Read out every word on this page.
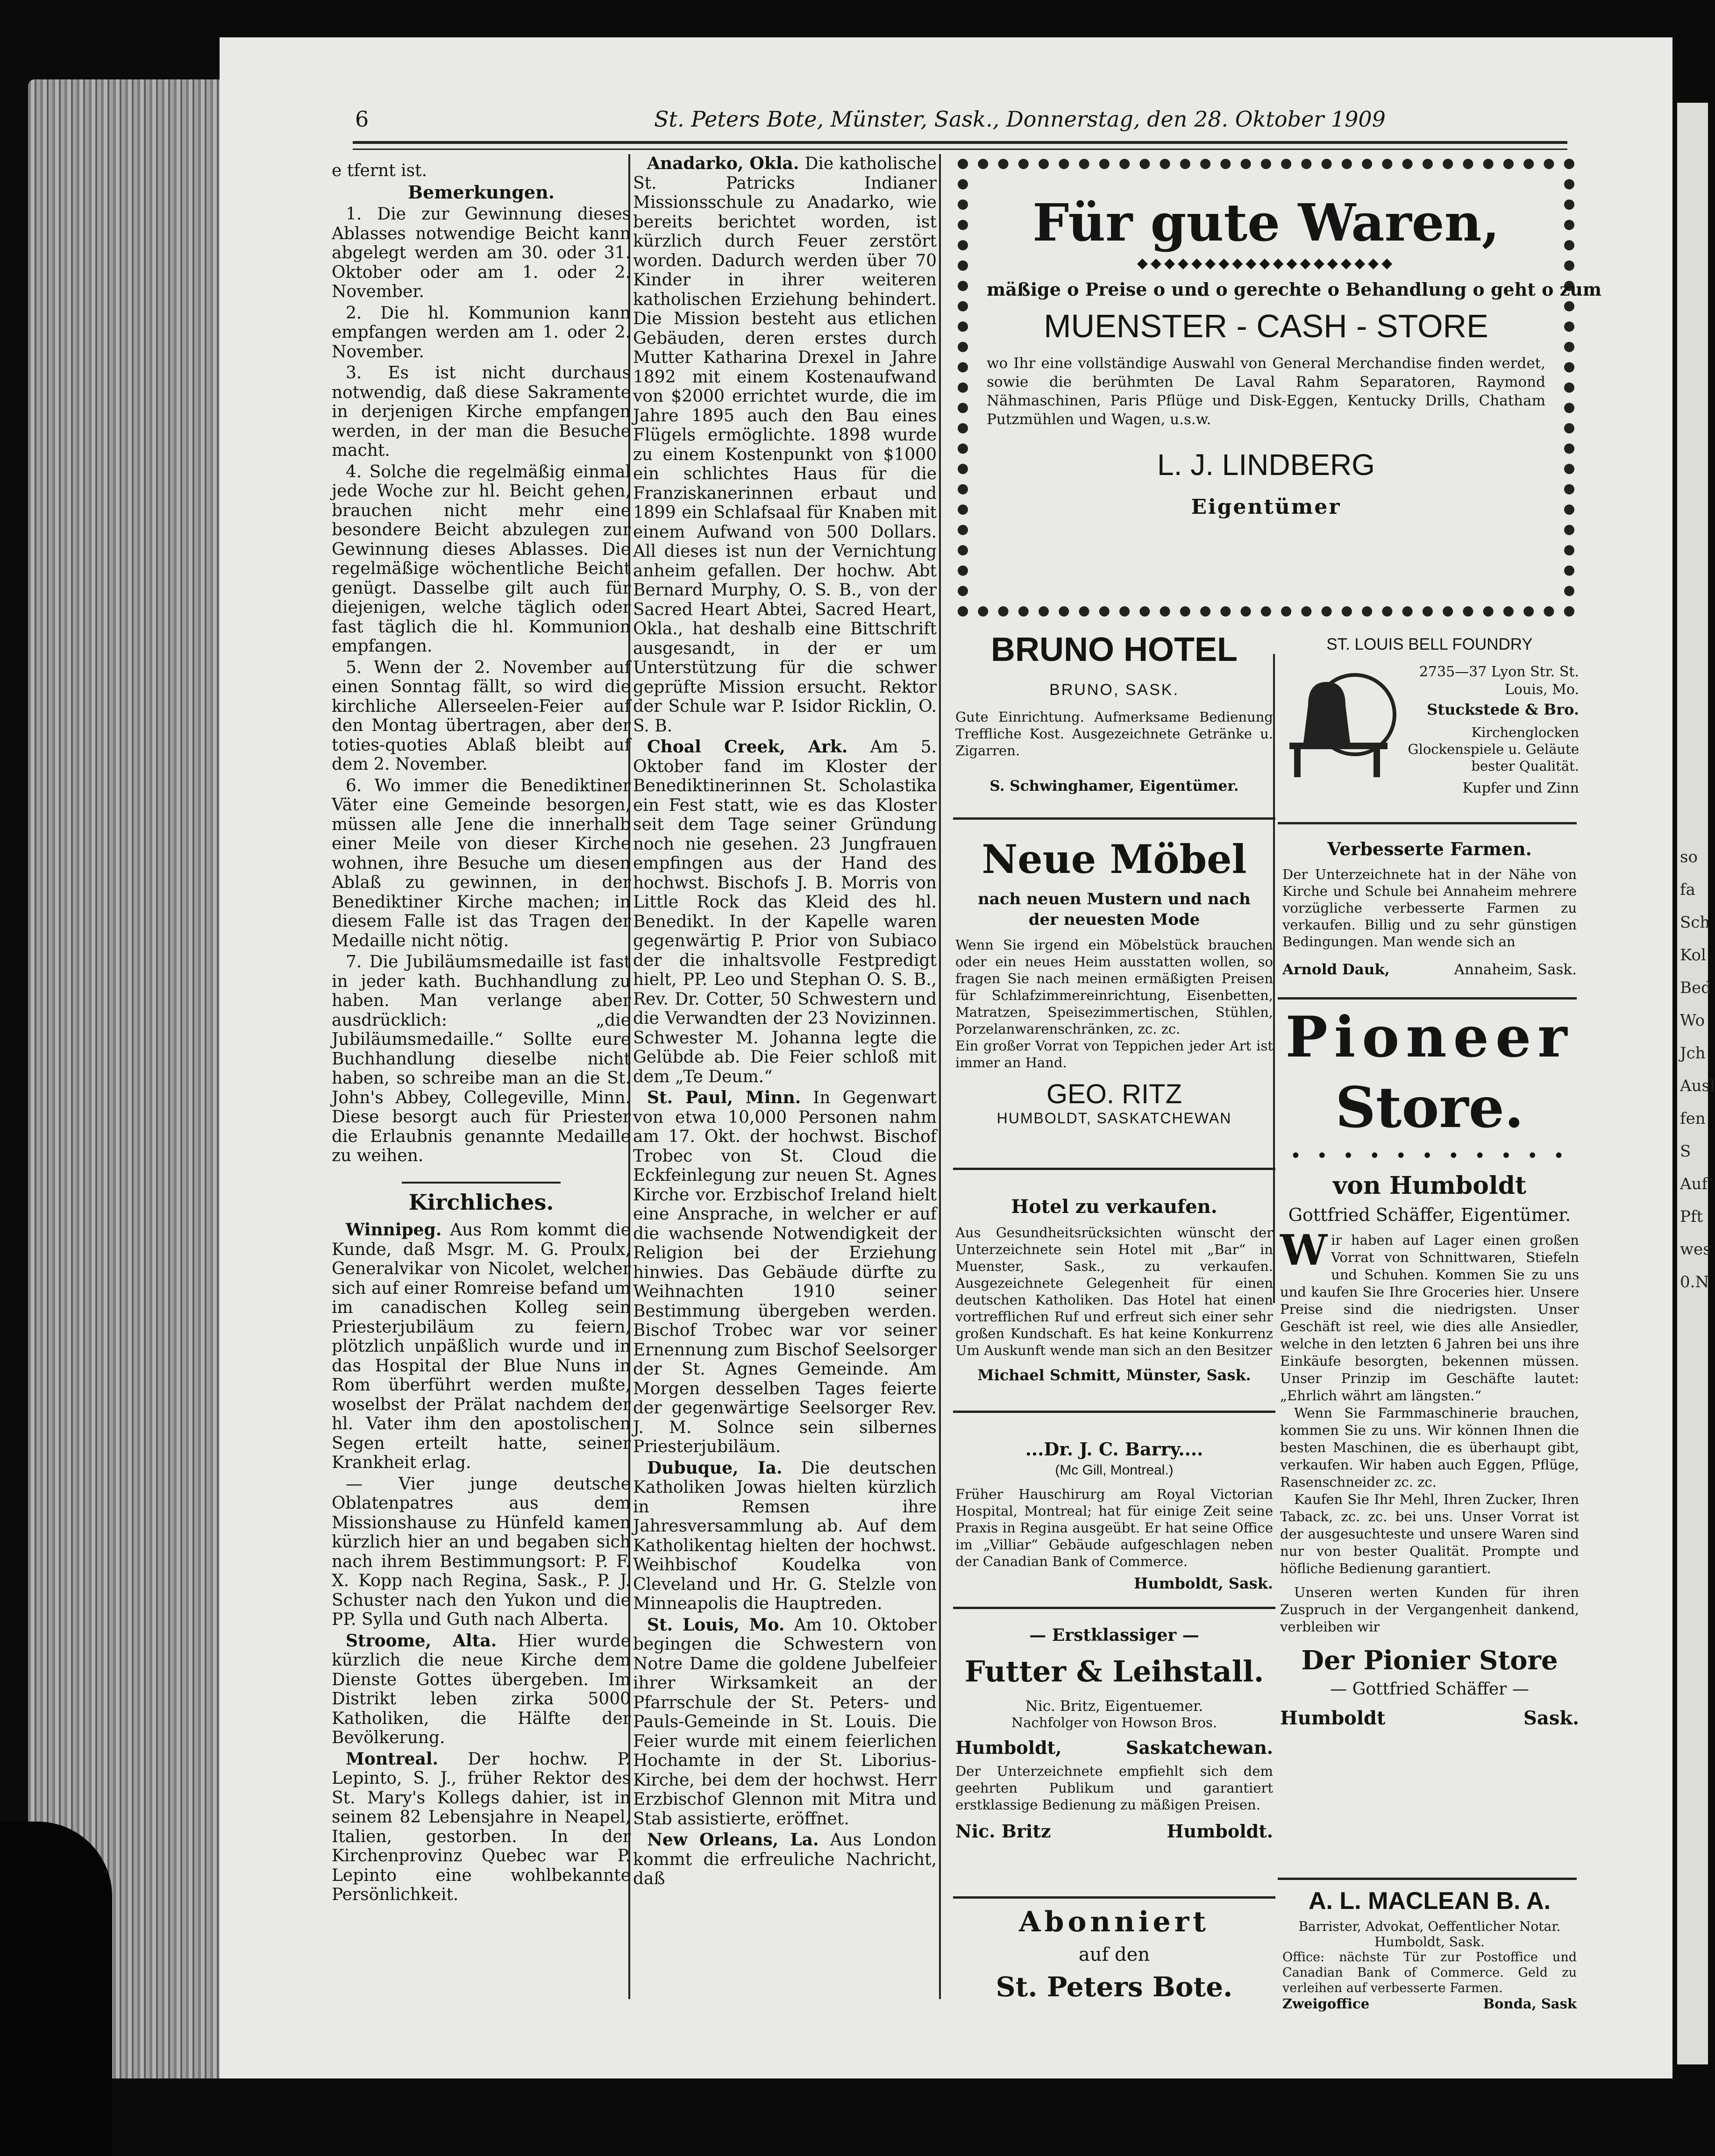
so
fa
Sch
Kol
Bed
Wo
Jch
Ausl
fen
S
Auf
Pft
wes
0.N
6	St. Peters Bote, Münster, Sask., Donnerstag, den 28. Oktober 1909
e tfernt ist.
Bemerkungen.

1. Die zur Gewinnung dieses Ablasses notwendige Beicht kann abgelegt werden am 30. oder 31. Oktober oder am 1. oder 2. November.

2. Die hl. Kommunion kann empfangen werden am 1. oder 2. November.

3. Es ist nicht durchaus notwendig, daß diese Sakramente in derjenigen Kirche empfangen werden, in der man die Besuche macht.

4. Solche die regelmäßig einmal jede Woche zur hl. Beicht gehen, brauchen nicht mehr eine besondere Beicht abzulegen zur Gewinnung dieses Ablasses. Die regelmäßige wöchentliche Beicht genügt. Dasselbe gilt auch für diejenigen, welche täglich oder fast täglich die hl. Kommunion empfangen.

5. Wenn der 2. November auf einen Sonntag fällt, so wird die kirchliche Allerseelen-Feier auf den Montag übertragen, aber der toties-quoties Ablaß bleibt auf dem 2. November.

6. Wo immer die Benediktiner Väter eine Gemeinde besorgen, müssen alle Jene die innerhalb einer Meile von dieser Kirche wohnen, ihre Besuche um diesen Ablaß zu gewinnen, in der Benediktiner Kirche machen; in diesem Falle ist das Tragen der Medaille nicht nötig.

7. Die Jubiläumsmedaille ist fast in jeder kath. Buchhandlung zu haben. Man verlange aber ausdrücklich: „die Jubiläumsmedaille.“ Sollte eure Buchhandlung dieselbe nicht haben, so schreibe man an die St. John's Abbey, Collegeville, Minn. Diese besorgt auch für Priester die Erlaubnis genannte Medaille zu weihen.

Kirchliches.

Winnipeg. Aus Rom kommt die Kunde, daß Msgr. M. G. Proulx, Generalvikar von Nicolet, welcher sich auf einer Romreise befand um im canadischen Kolleg sein Priesterjubiläum zu feiern, plötzlich unpäßlich wurde und in das Hospital der Blue Nuns in Rom überführt werden mußte, woselbst der Prälat nachdem der hl. Vater ihm den apostolischen Segen erteilt hatte, seiner Krankheit erlag.

— Vier junge deutsche Oblatenpatres aus dem Missionshause zu Hünfeld kamen kürzlich hier an und begaben sich nach ihrem Bestimmungsort: P. F. X. Kopp nach Regina, Sask., P. J. Schuster nach den Yukon und die PP. Sylla und Guth nach Alberta.

Stroome, Alta. Hier wurde kürzlich die neue Kirche dem Dienste Gottes übergeben. Im Distrikt leben zirka 5000 Katholiken, die Hälfte der Bevölkerung.

Montreal. Der hochw. P. Lepinto, S. J., früher Rektor des St. Mary's Kollegs dahier, ist in seinem 82 Lebensjahre in Neapel, Italien, gestorben. In der Kirchenprovinz Quebec war P. Lepinto eine wohlbekannte Persönlichkeit.

Anadarko, Okla. Die katholische St. Patricks Indianer Missionsschule zu Anadarko, wie bereits berichtet worden, ist kürzlich durch Feuer zerstört worden. Dadurch werden über 70 Kinder in ihrer weiteren katholischen Erziehung behindert. Die Mission besteht aus etlichen Gebäuden, deren erstes durch Mutter Katharina Drexel in Jahre 1892 mit einem Kostenaufwand von $2000 errichtet wurde, die im Jahre 1895 auch den Bau eines Flügels ermöglichte. 1898 wurde zu einem Kostenpunkt von $1000 ein schlichtes Haus für die Franziskanerinnen erbaut und 1899 ein Schlafsaal für Knaben mit einem Aufwand von 500 Dollars. All dieses ist nun der Vernichtung anheim gefallen. Der hochw. Abt Bernard Murphy, O. S. B., von der Sacred Heart Abtei, Sacred Heart, Okla., hat deshalb eine Bittschrift ausgesandt, in der er um Unterstützung für die schwer geprüfte Mission ersucht. Rektor der Schule war P. Isidor Ricklin, O. S. B.

Choal Creek, Ark. Am 5. Oktober fand im Kloster der Benediktinerinnen St. Scholastika ein Fest statt, wie es das Kloster seit dem Tage seiner Gründung noch nie gesehen. 23 Jungfrauen empfingen aus der Hand des hochwst. Bischofs J. B. Morris von Little Rock das Kleid des hl. Benedikt. In der Kapelle waren gegenwärtig P. Prior von Subiaco der die inhaltsvolle Festpredigt hielt, PP. Leo und Stephan O. S. B., Rev. Dr. Cotter, 50 Schwestern und die Verwandten der 23 Novizinnen. Schwester M. Johanna legte die Gelübde ab. Die Feier schloß mit dem „Te Deum.“

St. Paul, Minn. In Gegenwart von etwa 10,000 Personen nahm am 17. Okt. der hochwst. Bischof Trobec von St. Cloud die Eckfeinlegung zur neuen St. Agnes Kirche vor. Erzbischof Ireland hielt eine Ansprache, in welcher er auf die wachsende Notwendigkeit der Religion bei der Erziehung hinwies. Das Gebäude dürfte zu Weihnachten 1910 seiner Bestimmung übergeben werden. Bischof Trobec war vor seiner Ernennung zum Bischof Seelsorger der St. Agnes Gemeinde. Am Morgen desselben Tages feierte der gegenwärtige Seelsorger Rev. J. M. Solnce sein silbernes Priesterjubiläum.

Dubuque, Ia. Die deutschen Katholiken Jowas hielten kürzlich in Remsen ihre Jahresversammlung ab. Auf dem Katholikentag hielten der hochwst. Weihbischof Koudelka von Cleveland und Hr. G. Stelzle von Minneapolis die Hauptreden.

St. Louis, Mo. Am 10. Oktober begingen die Schwestern von Notre Dame die goldene Jubelfeier ihrer Wirksamkeit an der Pfarrschule der St. Peters- und Pauls-Gemeinde in St. Louis. Die Feier wurde mit einem feierlichen Hochamte in der St. Liborius-Kirche, bei dem der hochwst. Herr Erzbischof Glennon mit Mitra und Stab assistierte, eröffnet.

New Orleans, La. Aus London kommt die erfreuliche Nachricht, daß

Für gute Waren,
◆◆◆◆◆◆◆◆◆◆◆◆◆◆◆◆◆◆◆
mäßige o Preise o und o gerechte o Behandlung o geht o zum
MUENSTER - CASH - STORE

wo Ihr eine vollständige Auswahl von General Merchandise finden werdet, sowie die berühmten De Laval Rahm Separatoren, Raymond Nähmaschinen, Paris Pflüge und Disk-Eggen, Kentucky Drills, Chatham Putzmühlen und Wagen, u.s.w.

L. J. LINDBERG
Eigentümer
BRUNO HOTEL
BRUNO, SASK.

Gute Einrichtung. Aufmerksame Bedienung Treffliche Kost. Ausgezeichnete Getränke u. Zigarren.

S. Schwinghamer, Eigentümer.
ST. LOUIS BELL FOUNDRY
2735—37 Lyon Str. St. Louis, Mo.
Stuckstede & Bro.
Kirchenglocken Glockenspiele u. Geläute bester Qualität.
Kupfer und Zinn
Neue Möbel
nach neuen Mustern und nach
der neuesten Mode

Wenn Sie irgend ein Möbelstück brauchen oder ein neues Heim ausstatten wollen, so fragen Sie nach meinen ermäßigten Preisen für Schlafzimmereinrichtung, Eisenbetten, Matratzen, Speisezimmertischen, Stühlen, Porzelanwarenschränken, zc. zc.

Ein großer Vorrat von Teppichen jeder Art ist immer an Hand.

GEO. RITZ
HUMBOLDT, SASKATCHEWAN
Verbesserte Farmen.

Der Unterzeichnete hat in der Nähe von Kirche und Schule bei Annaheim mehrere vorzügliche verbesserte Farmen zu verkaufen. Billig und zu sehr günstigen Bedingungen. Man wende sich an

Arnold Dauk,	Annaheim, Sask.
Pioneer
Store.
• • • • • • • • • • •
von Humboldt
Gottfried Schäffer, Eigentümer.

Wir haben auf Lager einen großen Vorrat von Schnittwaren, Stiefeln und Schuhen. Kommen Sie zu uns und kaufen Sie Ihre Groceries hier. Unsere Preise sind die niedrigsten. Unser Geschäft ist reel, wie dies alle Ansiedler, welche in den letzten 6 Jahren bei uns ihre Einkäufe besorgten, bekennen müssen. Unser Prinzip im Geschäfte lautet: „Ehrlich währt am längsten.“

Wenn Sie Farmmaschinerie brauchen, kommen Sie zu uns. Wir können Ihnen die besten Maschinen, die es überhaupt gibt, verkaufen. Wir haben auch Eggen, Pflüge, Rasenschneider zc. zc.

Kaufen Sie Ihr Mehl, Ihren Zucker, Ihren Taback, zc. zc. bei uns. Unser Vorrat ist der ausgesuchteste und unsere Waren sind nur von bester Qualität. Prompte und höfliche Bedienung garantiert.

Unseren werten Kunden für ihren Zuspruch in der Vergangenheit dankend, verbleiben wir

Der Pionier Store
— Gottfried Schäffer —
Humboldt	Sask.
Hotel zu verkaufen.

Aus Gesundheitsrücksichten wünscht der Unterzeichnete sein Hotel mit „Bar“ in Muenster, Sask., zu verkaufen. Ausgezeichnete Gelegenheit für einen deutschen Katholiken. Das Hotel hat einen vortrefflichen Ruf und erfreut sich einer sehr großen Kundschaft. Es hat keine Konkurrenz Um Auskunft wende man sich an den Besitzer

Michael Schmitt, Münster, Sask.
...Dr. J. C. Barry....
(Mc Gill, Montreal.)

Früher Hauschirurg am Royal Victorian Hospital, Montreal; hat für einige Zeit seine Praxis in Regina ausgeübt. Er hat seine Office im „Villiar“ Gebäude aufgeschlagen neben der Canadian Bank of Commerce.

Humboldt, Sask.
— Erstklassiger —
Futter & Leihstall.
Nic. Britz, Eigentuemer.
Nachfolger von Howson Bros.
Humboldt,	Saskatchewan.

Der Unterzeichnete empfiehlt sich dem geehrten Publikum und garantiert erstklassige Bedienung zu mäßigen Preisen.

Nic. Britz	Humboldt.
Abonniert
auf den
St. Peters Bote.
A. L. MACLEAN B. A.
Barrister, Advokat, Oeffentlicher Notar.
Humboldt, Sask.

Office: nächste Tür zur Postoffice und Canadian Bank of Commerce. Geld zu verleihen auf verbesserte Farmen.

Zweigoffice	Bonda, Sask
